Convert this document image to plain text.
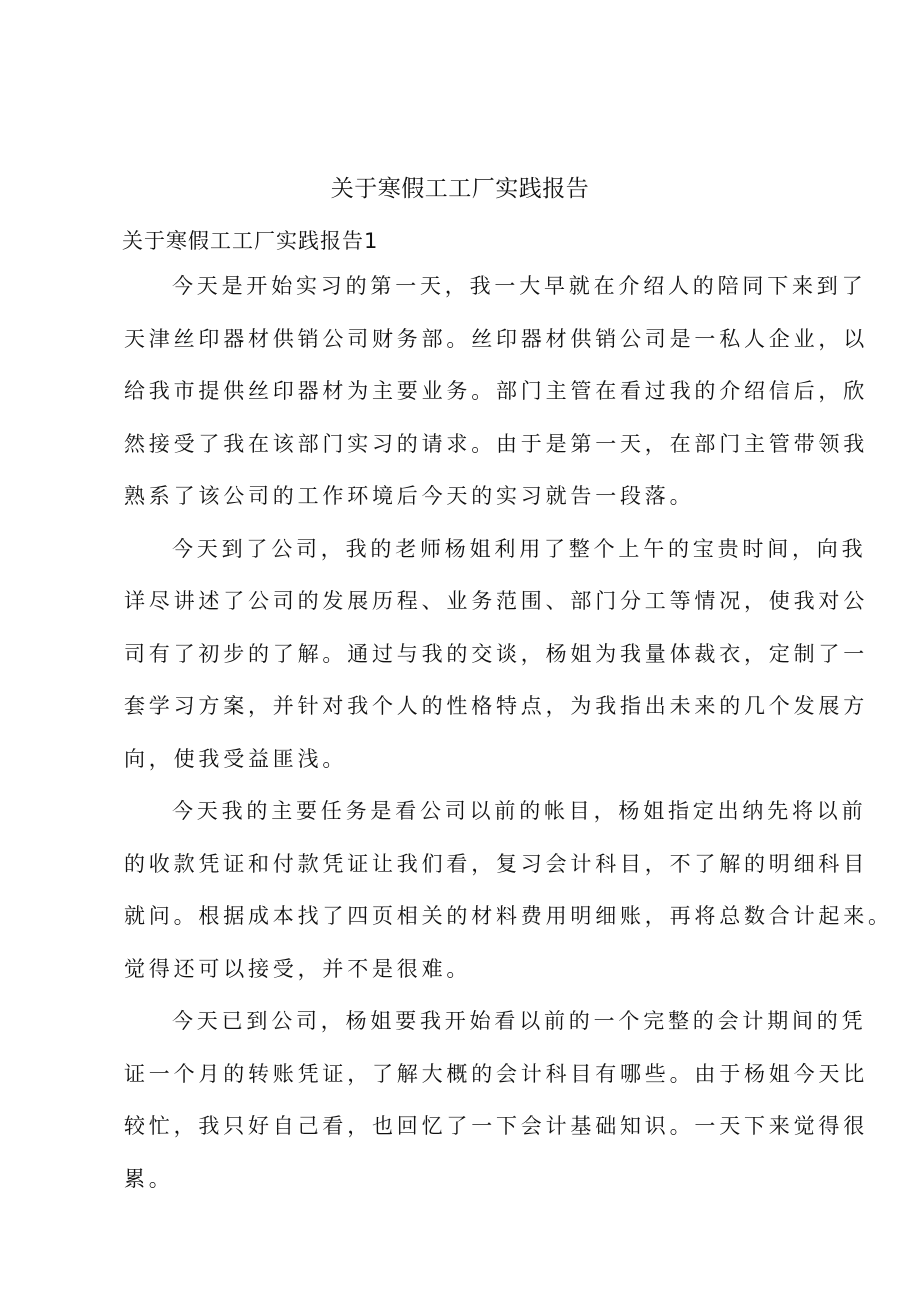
关于寒假工工厂实践报告
关于寒假工工厂实践报告1
今天是开始实习的第一天，我一大早就在介绍人的陪同下来到了
天津丝印器材供销公司财务部。丝印器材供销公司是一私人企业，以
给我市提供丝印器材为主要业务。部门主管在看过我的介绍信后，欣
然接受了我在该部门实习的请求。由于是第一天，在部门主管带领我
熟系了该公司的工作环境后今天的实习就告一段落。
今天到了公司，我的老师杨姐利用了整个上午的宝贵时间，向我
详尽讲述了公司的发展历程、业务范围、部门分工等情况，使我对公
司有了初步的了解。通过与我的交谈，杨姐为我量体裁衣，定制了一
套学习方案，并针对我个人的性格特点，为我指出未来的几个发展方
向，使我受益匪浅。
今天我的主要任务是看公司以前的帐目，杨姐指定出纳先将以前
的收款凭证和付款凭证让我们看，复习会计科目，不了解的明细科目
就问。根据成本找了四页相关的材料费用明细账，再将总数合计起来。
觉得还可以接受，并不是很难。
今天已到公司，杨姐要我开始看以前的一个完整的会计期间的凭
证一个月的转账凭证，了解大概的会计科目有哪些。由于杨姐今天比
较忙，我只好自己看，也回忆了一下会计基础知识。一天下来觉得很
累。
